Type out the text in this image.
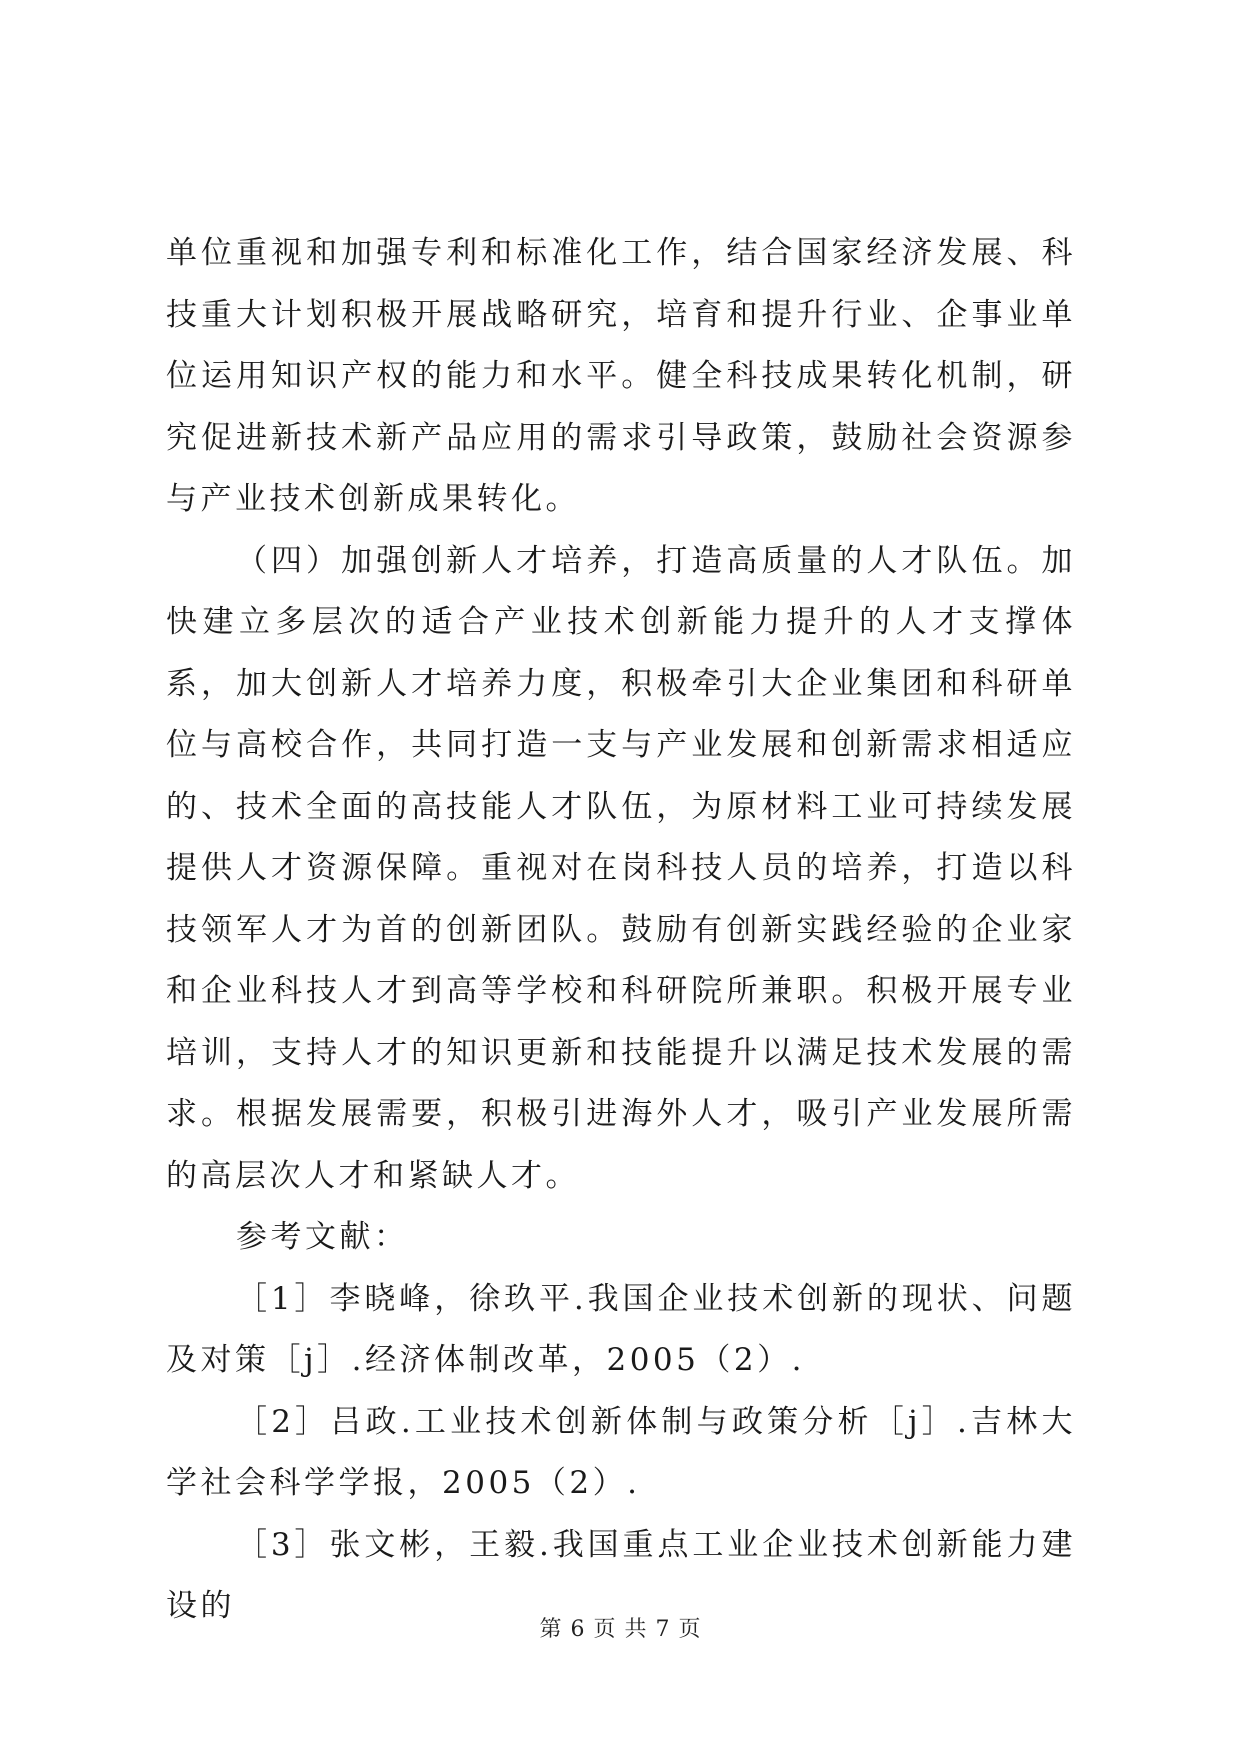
单位重视和加强专利和标准化工作，结合国家经济发展、科技重大计划积极开展战略研究，培育和提升行业、企事业单位运用知识产权的能力和水平。健全科技成果转化机制，研究促进新技术新产品应用的需求引导政策，鼓励社会资源参与产业技术创新成果转化。

（四）加强创新人才培养，打造高质量的人才队伍。加快建立多层次的适合产业技术创新能力提升的人才支撑体系，加大创新人才培养力度，积极牵引大企业集团和科研单位与高校合作，共同打造一支与产业发展和创新需求相适应的、技术全面的高技能人才队伍，为原材料工业可持续发展提供人才资源保障。重视对在岗科技人员的培养，打造以科技领军人才为首的创新团队。鼓励有创新实践经验的企业家和企业科技人才到高等学校和科研院所兼职。积极开展专业培训，支持人才的知识更新和技能提升以满足技术发展的需求。根据发展需要，积极引进海外人才，吸引产业发展所需的高层次人才和紧缺人才。

参考文献：

［1］李晓峰，徐玖平.我国企业技术创新的现状、问题及对策［j］.经济体制改革，2005（2）.

［2］吕政.工业技术创新体制与政策分析［j］.吉林大学社会科学学报，2005（2）.

［3］张文彬，王毅.我国重点工业企业技术创新能力建设的

第 6 页 共 7 页
